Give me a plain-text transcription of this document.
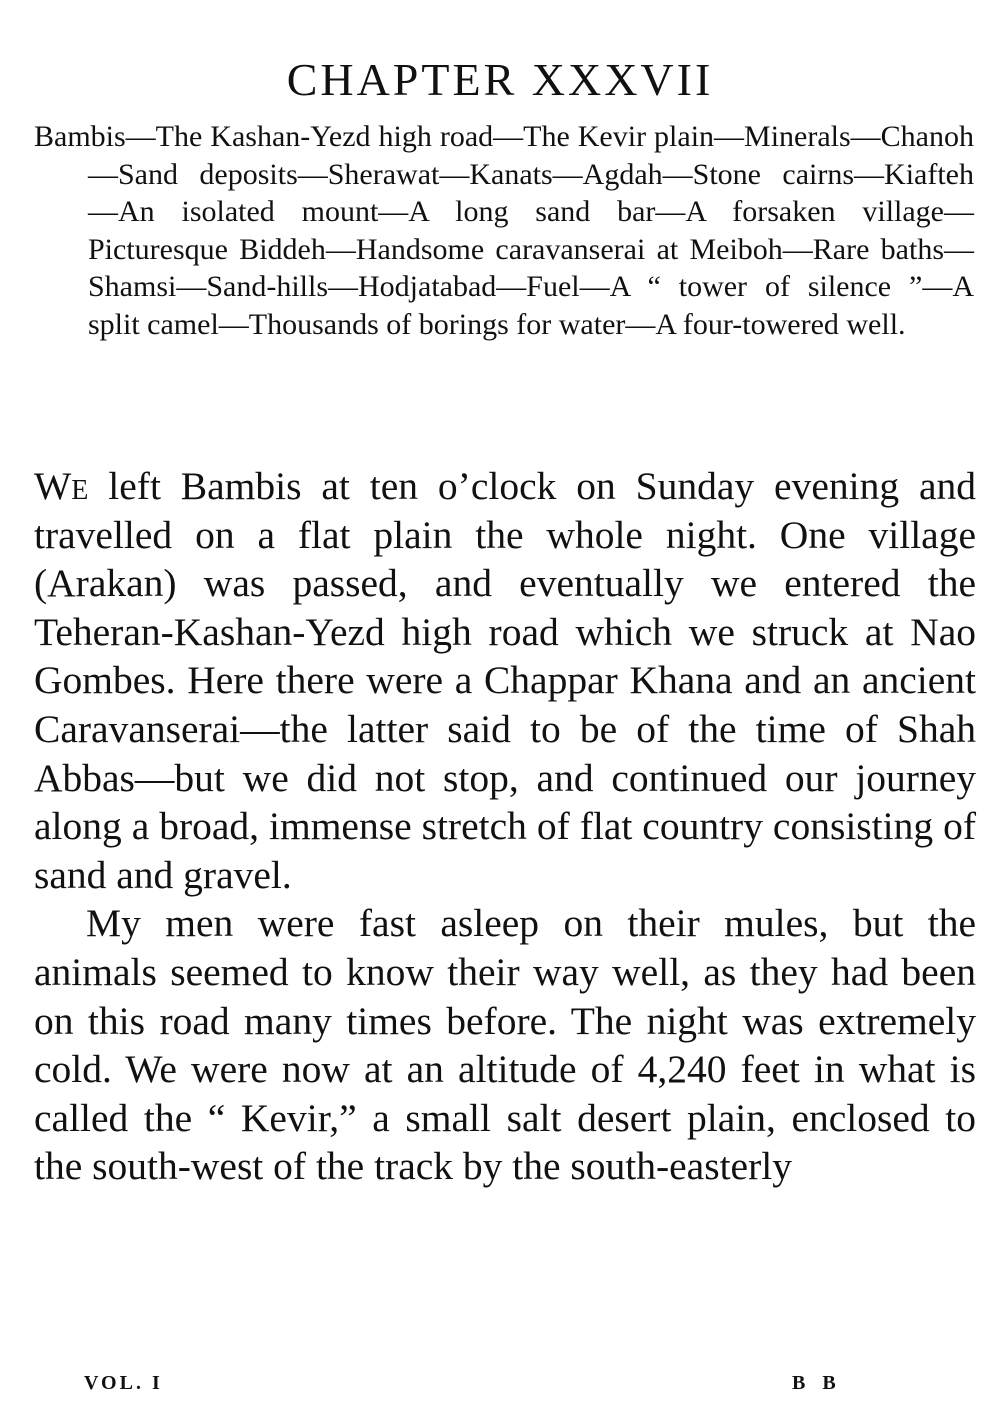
CHAPTER XXXVII
Bambis—The Kashan-Yezd high road—The Kevir plain—Minerals—Chanoh—Sand deposits—Sherawat—Kanats—Agdah—Stone cairns—Kiafteh—An isolated mount—A long sand bar—A forsaken village—Picturesque Biddeh—Handsome caravanserai at Meiboh—Rare baths—Shamsi—Sand-hills—Hodjatabad—Fuel—A “ tower of silence ”—A split camel—Thousands of borings for water—A four-towered well.

We left Bambis at ten o’clock on Sunday evening and travelled on a flat plain the whole night. One village (Arakan) was passed, and eventually we entered the Teheran-Kashan-Yezd high road which we struck at Nao Gombes. Here there were a Chappar Khana and an ancient Caravanserai—the latter said to be of the time of Shah Abbas—but we did not stop, and continued our journey along a broad, immense stretch of flat country consisting of sand and gravel.

My men were fast asleep on their mules, but the animals seemed to know their way well, as they had been on this road many times before. The night was extremely cold. We were now at an altitude of 4,240 feet in what is called the “ Kevir,” a small salt desert plain, enclosed to the south-west of the track by the south-easterly

VOL. I	B B
